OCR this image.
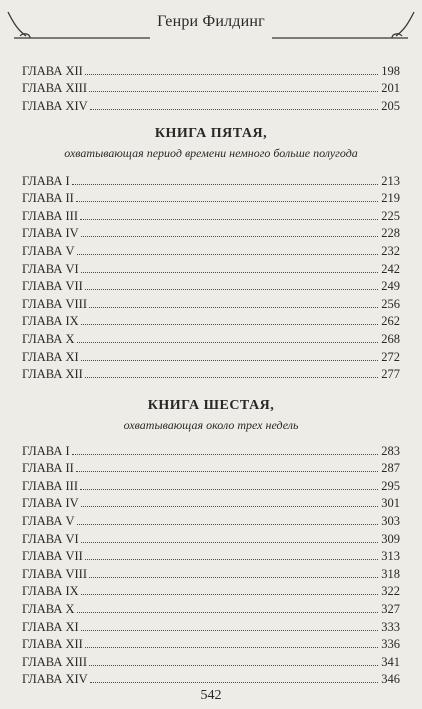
Генри Филдинг
ГЛАВА XII	198
ГЛАВА XIII	201
ГЛАВА XIV	205
КНИГА ПЯТАЯ,
охватывающая период времени немного больше полугода
ГЛАВА I	213
ГЛАВА II	219
ГЛАВА III	225
ГЛАВА IV	228
ГЛАВА V	232
ГЛАВА VI	242
ГЛАВА VII	249
ГЛАВА VIII	256
ГЛАВА IX	262
ГЛАВА X	268
ГЛАВА XI	272
ГЛАВА XII	277
КНИГА ШЕСТАЯ,
охватывающая около трех недель
ГЛАВА I	283
ГЛАВА II	287
ГЛАВА III	295
ГЛАВА IV	301
ГЛАВА V	303
ГЛАВА VI	309
ГЛАВА VII	313
ГЛАВА VIII	318
ГЛАВА IX	322
ГЛАВА X	327
ГЛАВА XI	333
ГЛАВА XII	336
ГЛАВА XIII	341
ГЛАВА XIV	346
542
